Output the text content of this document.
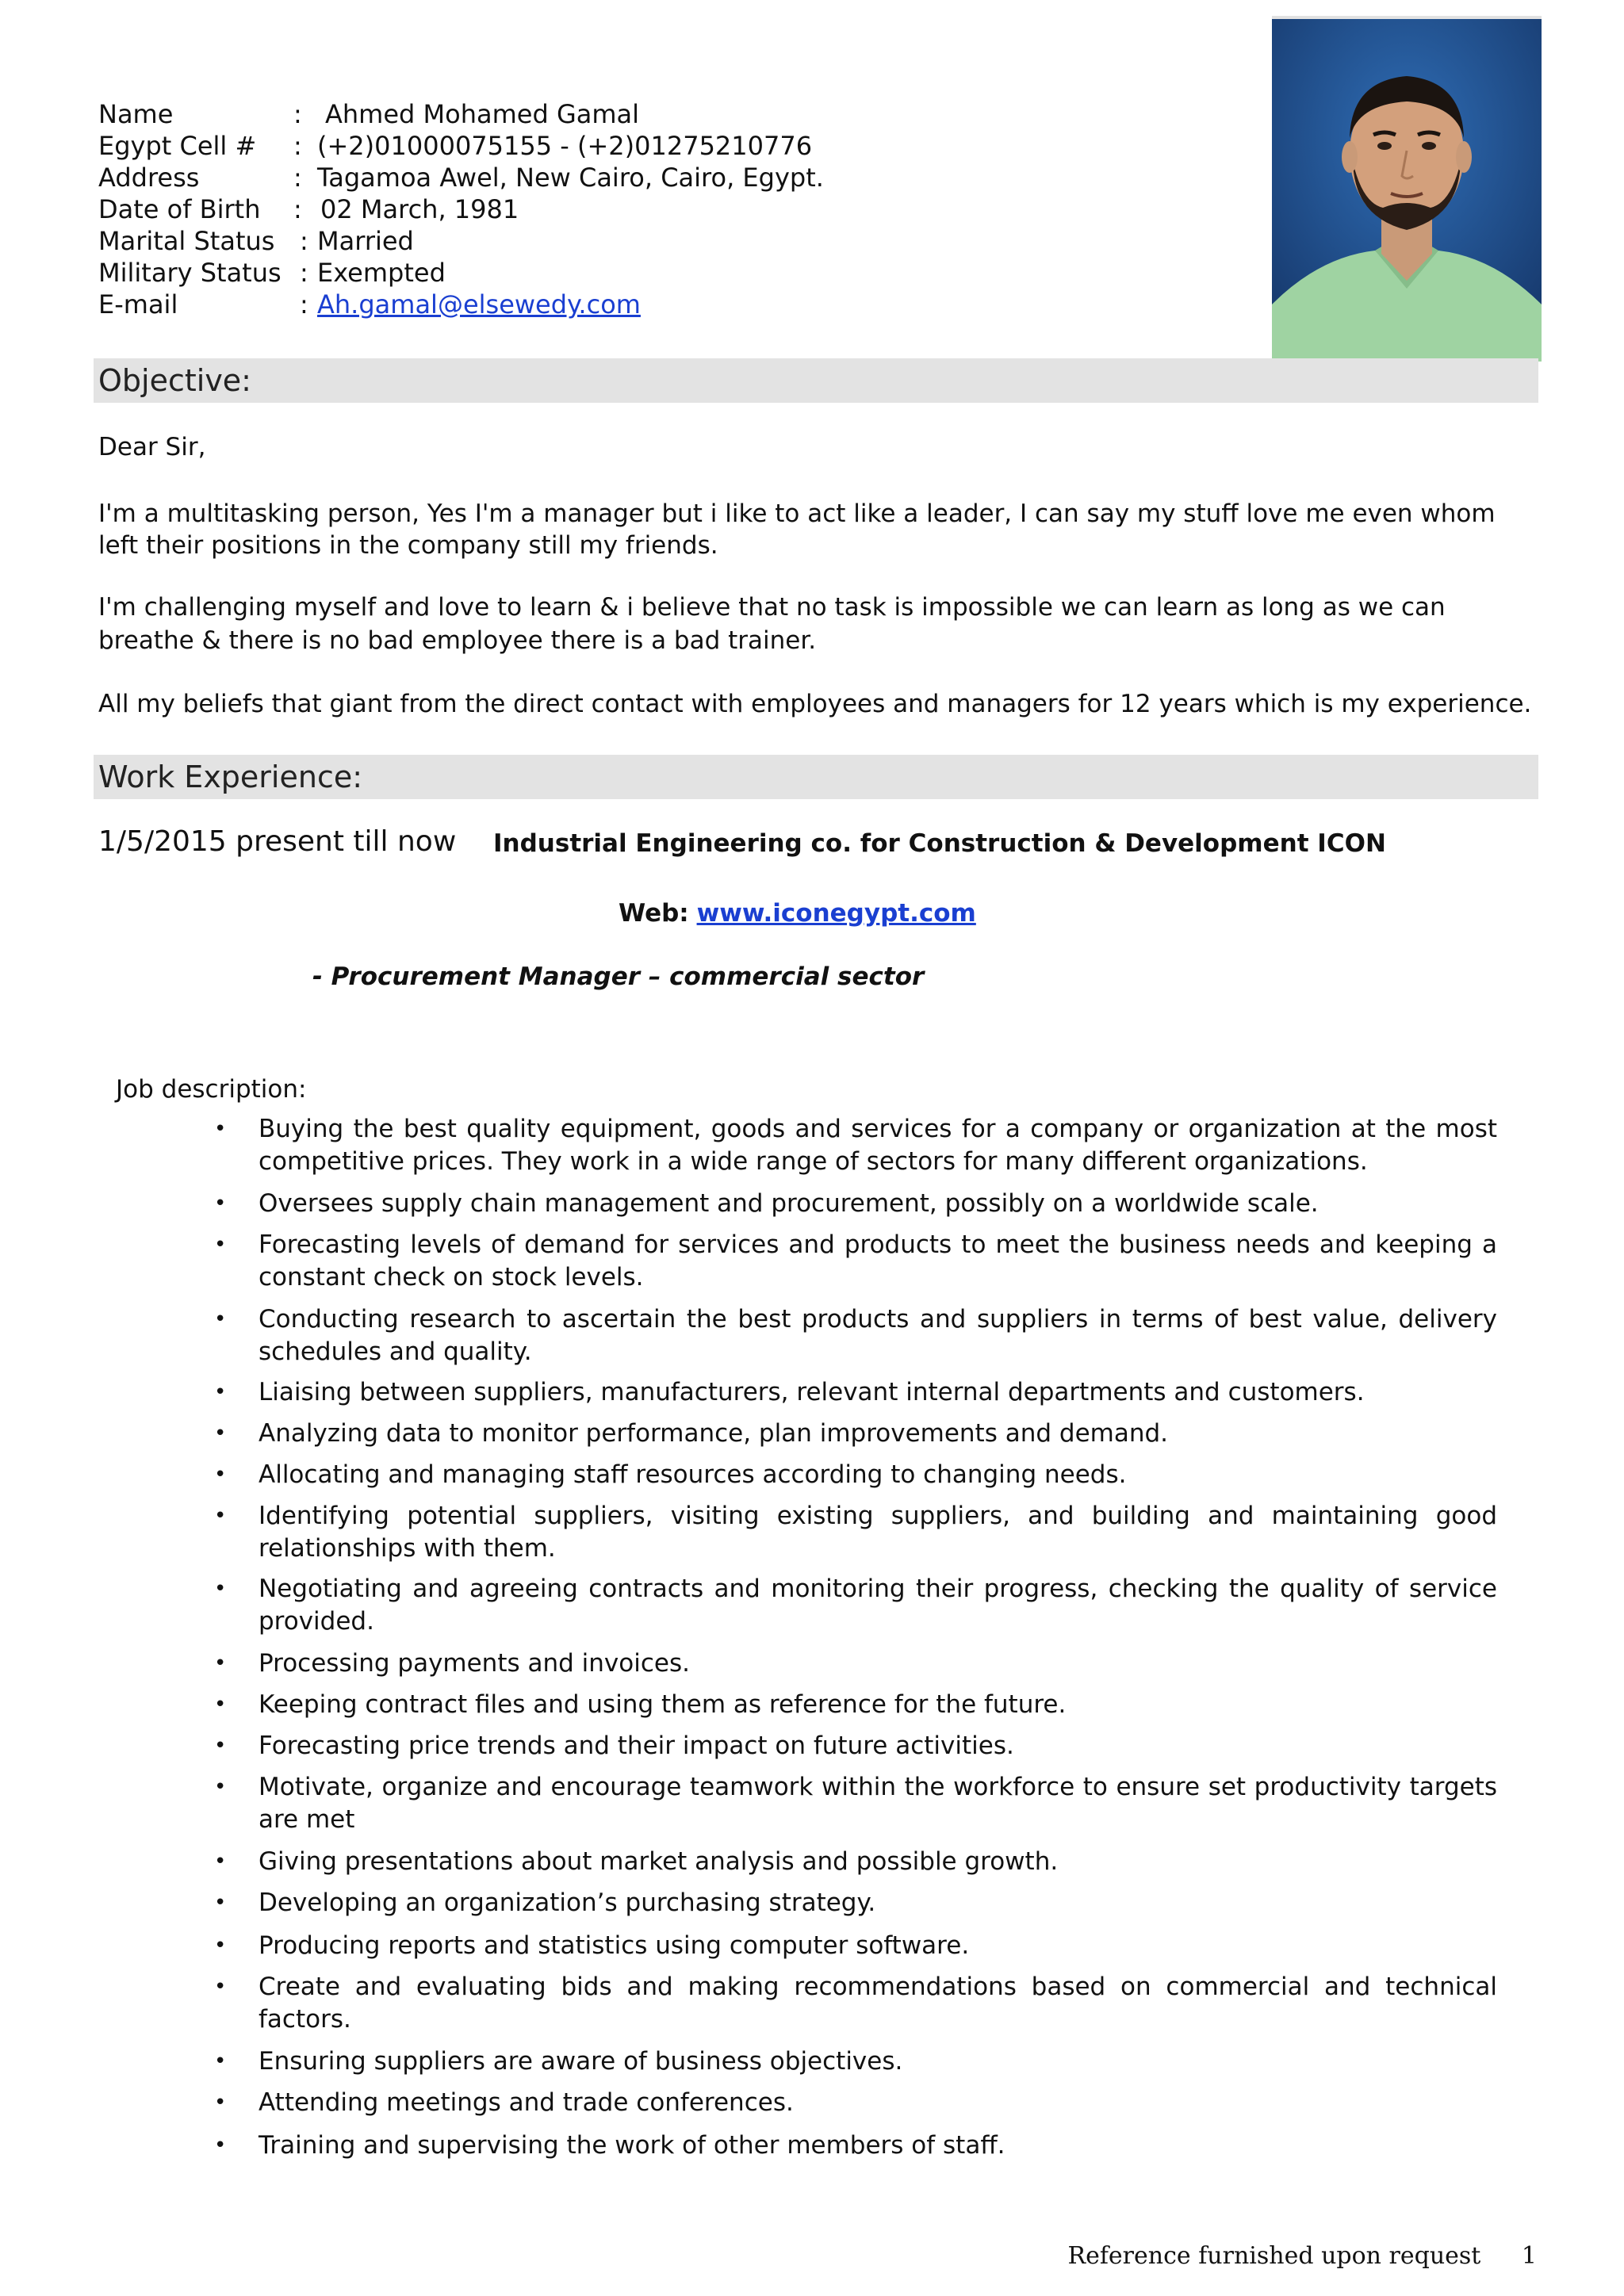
Name	: Ahmed Mohamed Gamal
Egypt Cell #	: (+2)01000075155 - (+2)01275210776
Address	: Tagamoa Awel, New Cairo, Cairo, Egypt.
Date of Birth	: 02 March, 1981
Marital Status : Married
Military Status : Exempted
E-mail	: Ah.gamal@elsewedy.com
Objective:
Dear Sir,
I'm a multitasking person, Yes I'm a manager but i like to act like a leader, I can say my stuff love me even whom
left their positions in the company still my friends.
I'm challenging myself and love to learn & i believe that no task is impossible we can learn as long as we can
breathe & there is no bad employee there is a bad trainer.
All my beliefs that giant from the direct contact with employees and managers for 12 years which is my experience.
Work Experience:
1/5/2015 present till now Industrial Engineering co. for Construction & Development ICON
Web: www.iconegypt.com
- Procurement Manager – commercial sector
Job description:
• Buying the best quality equipment, goods and services for a company or organization at the most competitive prices. They work in a wide range of sectors for many different organizations.
• Oversees supply chain management and procurement, possibly on a worldwide scale.
• Forecasting levels of demand for services and products to meet the business needs and keeping a constant check on stock levels.
• Conducting research to ascertain the best products and suppliers in terms of best value, delivery schedules and quality.
• Liaising between suppliers, manufacturers, relevant internal departments and customers.
• Analyzing data to monitor performance, plan improvements and demand.
• Allocating and managing staff resources according to changing needs.
• Identifying potential suppliers, visiting existing suppliers, and building and maintaining good relationships with them.
• Negotiating and agreeing contracts and monitoring their progress, checking the quality of service provided.
• Processing payments and invoices.
• Keeping contract files and using them as reference for the future.
• Forecasting price trends and their impact on future activities.
• Motivate, organize and encourage teamwork within the workforce to ensure set productivity targets are met
• Giving presentations about market analysis and possible growth.
• Developing an organization’s purchasing strategy.
• Producing reports and statistics using computer software.
• Create and evaluating bids and making recommendations based on commercial and technical factors.
• Ensuring suppliers are aware of business objectives.
• Attending meetings and trade conferences.
• Training and supervising the work of other members of staff.
Reference furnished upon request 1
